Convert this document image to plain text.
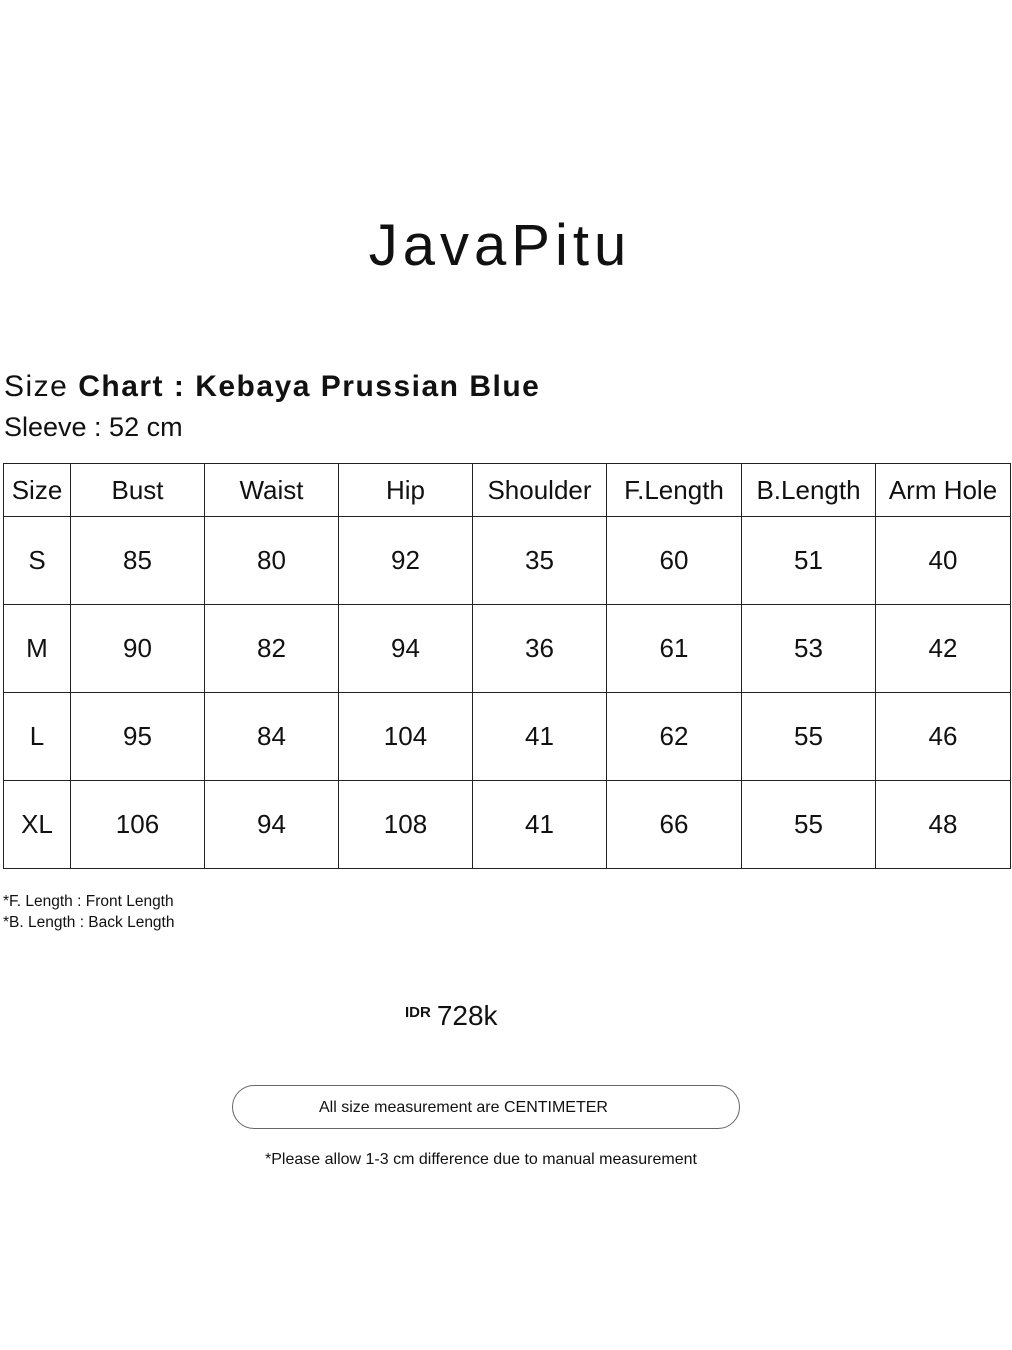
JavaPitu
Size Chart : Kebaya Prussian Blue
Sleeve : 52 cm
Size	Bust	Waist	Hip	Shoulder	F.Length	B.Length	Arm Hole
S	85	80	92	35	60	51	40
M	90	82	94	36	61	53	42
L	95	84	104	41	62	55	46
XL	106	94	108	41	66	55	48
*F. Length : Front Length
*B. Length : Back Length
IDR 728k
All size measurement are CENTIMETER
*Please allow 1-3 cm difference due to manual measurement
